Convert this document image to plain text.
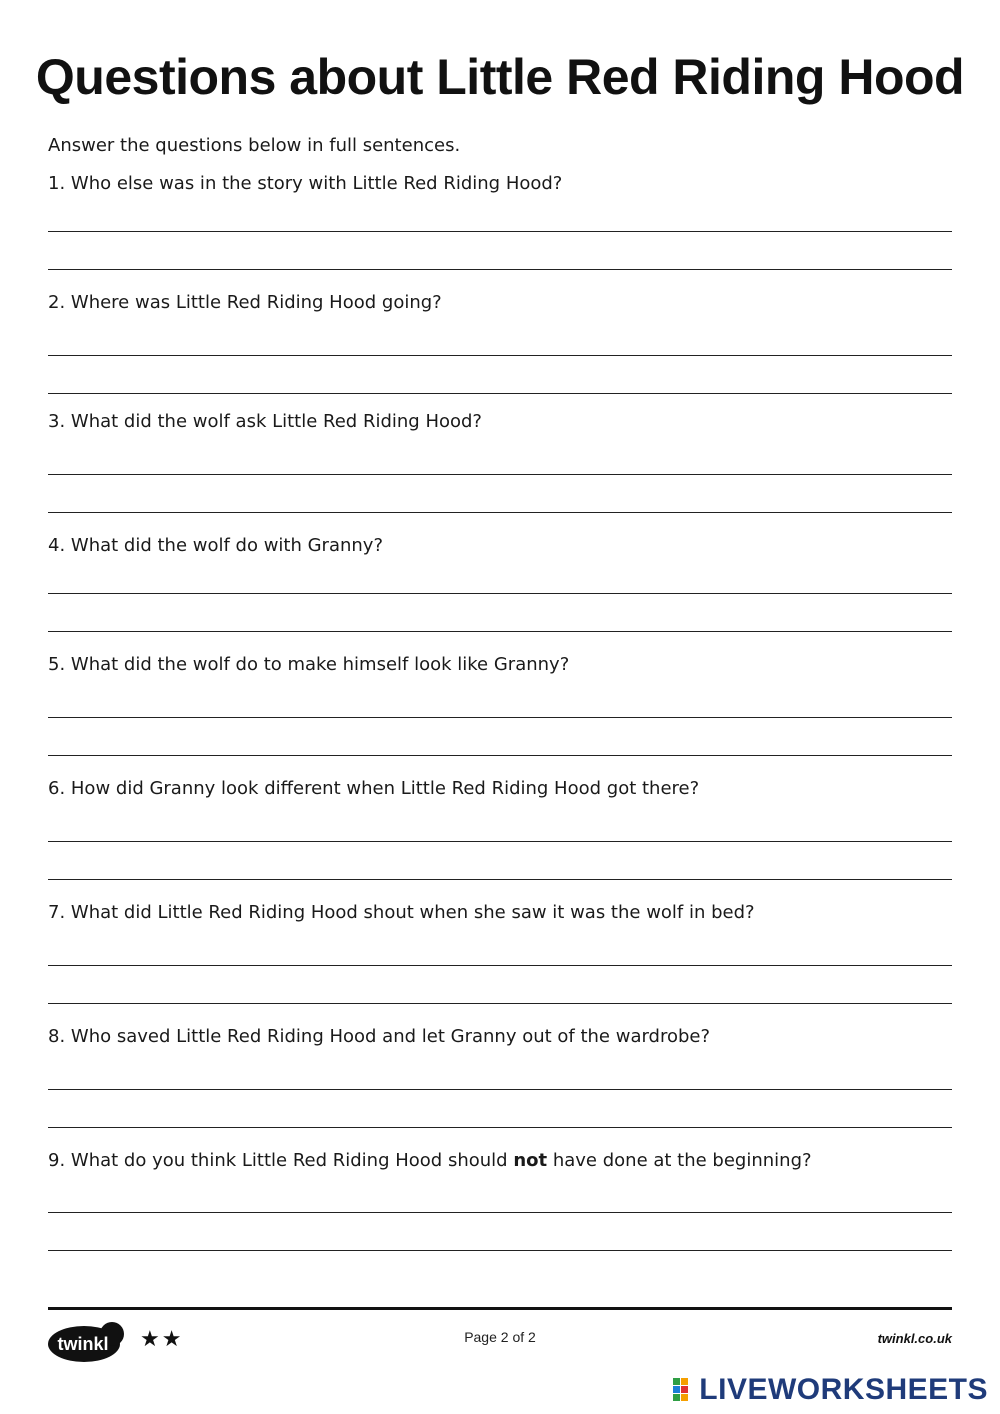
Questions about Little Red Riding Hood

Answer the questions below in full sentences.

1. Who else was in the story with Little Red Riding Hood?

2. Where was Little Red Riding Hood going?

3. What did the wolf ask Little Red Riding Hood?

4. What did the wolf do with Granny?

5. What did the wolf do to make himself look like Granny?

6. How did Granny look different when Little Red Riding Hood got there?

7. What did Little Red Riding Hood shout when she saw it was the wolf in bed?

8. Who saved Little Red Riding Hood and let Granny out of the wardrobe?

9. What do you think Little Red Riding Hood should not have done at the beginning?

twinkl ★★	Page 2 of 2	twinkl.co.uk
LIVEWORKSHEETS
